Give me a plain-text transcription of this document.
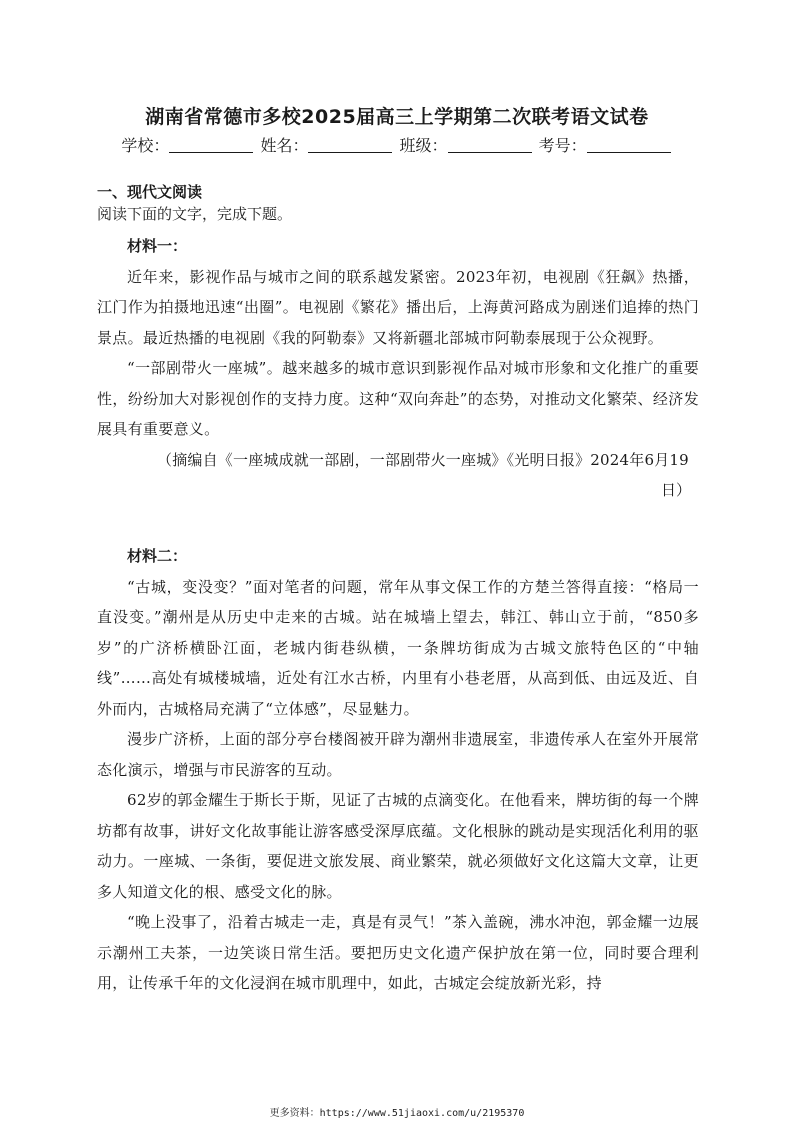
湖南省常德市多校2025届高三上学期第二次联考语文试卷
学校：	姓名：	班级：	考号：
一、现代文阅读
阅读下面的文字，完成下题。

材料一：

近年来，影视作品与城市之间的联系越发紧密。2023年初，电视剧《狂飙》热播，江门作为拍摄地迅速“出圈”。电视剧《繁花》播出后，上海黄河路成为剧迷们追捧的热门景点。最近热播的电视剧《我的阿勒泰》又将新疆北部城市阿勒泰展现于公众视野。

“一部剧带火一座城”。越来越多的城市意识到影视作品对城市形象和文化推广的重要性，纷纷加大对影视创作的支持力度。这种“双向奔赴”的态势，对推动文化繁荣、经济发展具有重要意义。

（摘编自《一座城成就一部剧，一部剧带火一座城》《光明日报》2024年6月19

日）

材料二：

“古城，变没变？”面对笔者的问题，常年从事文保工作的方楚兰答得直接：“格局一直没变。”潮州是从历史中走来的古城。站在城墙上望去，韩江、韩山立于前，“850多岁”的广济桥横卧江面，老城内街巷纵横，一条牌坊街成为古城文旅特色区的“中轴线”……高处有城楼城墙，近处有江水古桥，内里有小巷老厝，从高到低、由远及近、自外而内，古城格局充满了“立体感”，尽显魅力。

漫步广济桥，上面的部分亭台楼阁被开辟为潮州非遗展室，非遗传承人在室外开展常态化演示，增强与市民游客的互动。

62岁的郭金耀生于斯长于斯，见证了古城的点滴变化。在他看来，牌坊街的每一个牌坊都有故事，讲好文化故事能让游客感受深厚底蕴。文化根脉的跳动是实现活化利用的驱动力。一座城、一条街，要促进文旅发展、商业繁荣，就必须做好文化这篇大文章，让更多人知道文化的根、感受文化的脉。

“晚上没事了，沿着古城走一走，真是有灵气！”茶入盖碗，沸水冲泡，郭金耀一边展示潮州工夫茶，一边笑谈日常生活。要把历史文化遗产保护放在第一位，同时要合理利用，让传承千年的文化浸润在城市肌理中，如此，古城定会绽放新光彩，持

更多资料：https://www.51jiaoxi.com/u/2195370
